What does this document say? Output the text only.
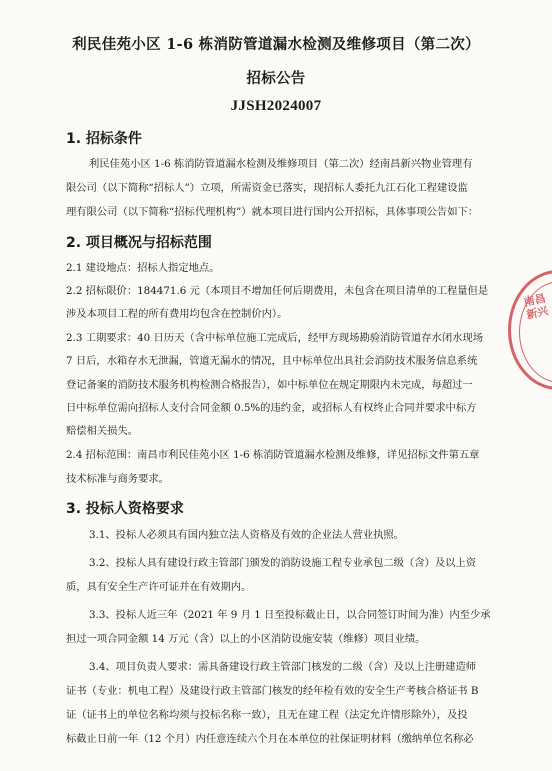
利民佳苑小区 1-6 栋消防管道漏水检测及维修项目（第二次）
招标公告
JJSH2024007
1. 招标条件
利民佳苑小区 1-6 栋消防管道漏水检测及维修项目（第二次）经南昌新兴物业管理有
限公司（以下简称“招标人”）立项，所需资金已落实，现招标人委托九江石化工程建设监
理有限公司（以下简称“招标代理机构”）就本项目进行国内公开招标，具体事项公告如下：
2. 项目概况与招标范围
2.1 建设地点：招标人指定地点。
2.2 招标限价：184471.6 元（本项目不增加任何后期费用，未包含在项目清单的工程量但是
涉及本项目工程的所有费用均包含在控制价内）。
2.3 工期要求：40 日历天（含中标单位施工完成后，经甲方现场勘验消防管道存水闭水现场
7 日后，水箱存水无泄漏，管道无漏水的情况，且中标单位出具社会消防技术服务信息系统
登记备案的消防技术服务机构检测合格报告），如中标单位在规定期限内未完成，每超过一
日中标单位需向招标人支付合同金额 0.5%的违约金，或招标人有权终止合同并要求中标方
赔偿相关损失。
2.4 招标范围：南昌市利民佳苑小区 1-6 栋消防管道漏水检测及维修，详见招标文件第五章
技术标准与商务要求。
3. 投标人资格要求
3.1、投标人必须具有国内独立法人资格及有效的企业法人营业执照。
3.2、投标人具有建设行政主管部门颁发的消防设施工程专业承包二级（含）及以上资
质，具有安全生产许可证并在有效期内。
3.3、投标人近三年（2021 年 9 月 1 日至投标截止日，以合同签订时间为准）内至少承
担过一项合同金额 14 万元（含）以上的小区消防设施安装（维修）项目业绩。
3.4、项目负责人要求：需具备建设行政主管部门核发的二级（含）及以上注册建造师
证书（专业：机电工程）及建设行政主管部门核发的经年检有效的安全生产考核合格证书 B
证（证书上的单位名称均须与投标名称一致），且无在建工程（法定允许情形除外），及投
标截止日前一年（12 个月）内任意连续六个月在本单位的社保证明材料（缴纳单位名称必
南昌新兴
